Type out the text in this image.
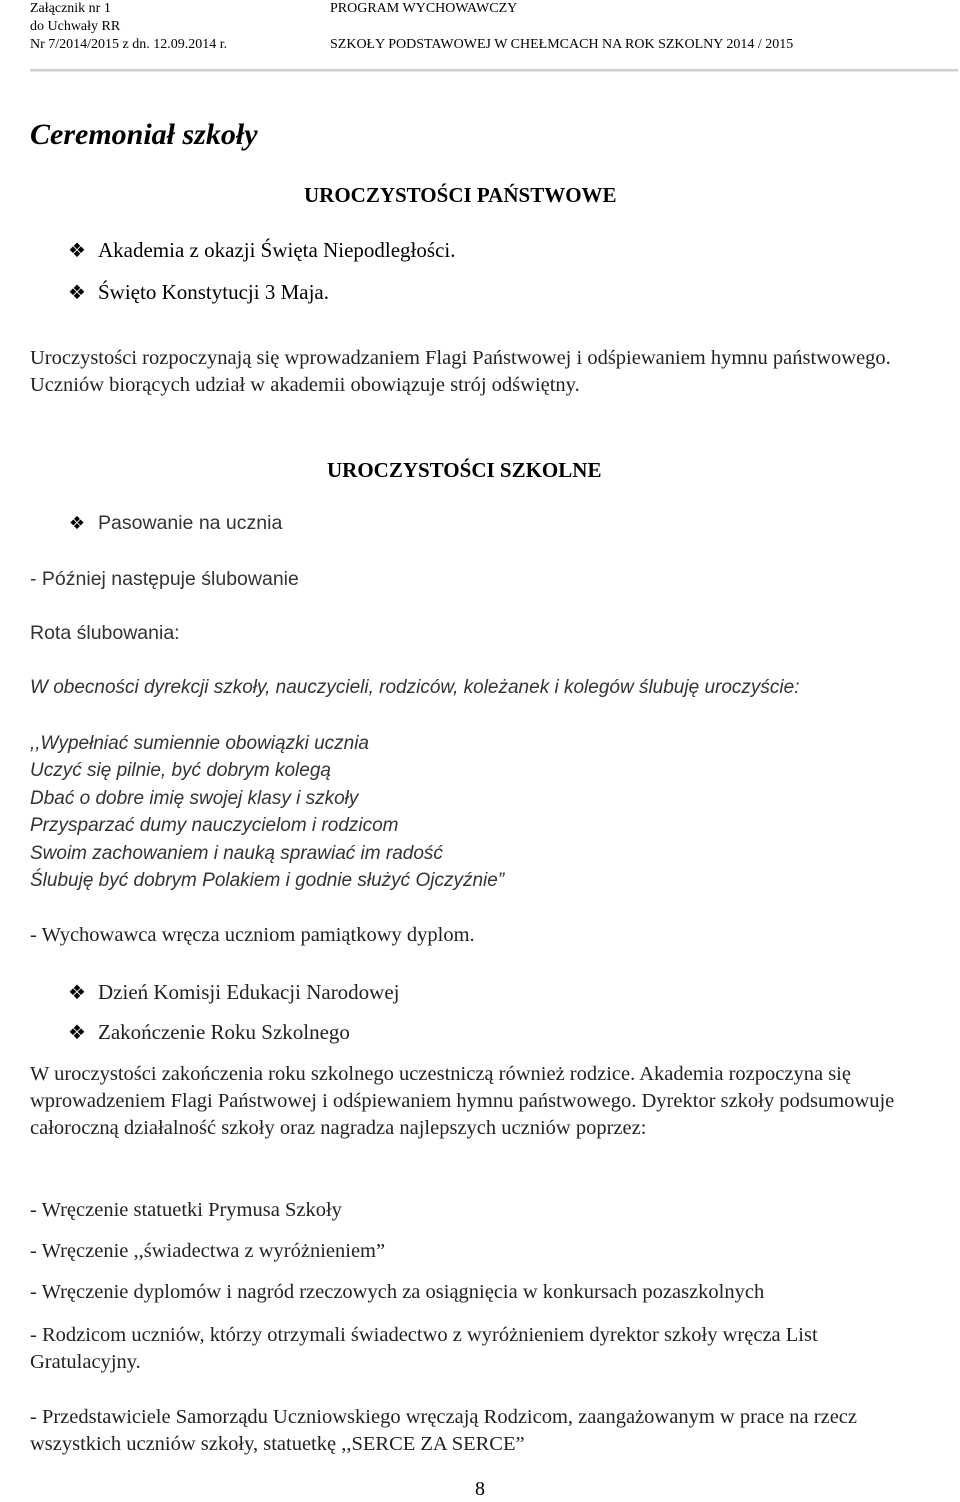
Załącznik nr 1
do Uchwały RR
Nr 7/2014/2015 z dn. 12.09.2014 r.
PROGRAM WYCHOWAWCZY
SZKOŁY PODSTAWOWEJ W CHEŁMCACH NA ROK SZKOLNY 2014 / 2015
Ceremoniał szkoły
UROCZYSTOŚCI PAŃSTWOWE
❖ Akademia z okazji Święta Niepodległości.
❖ Święto Konstytucji 3 Maja.
Uroczystości rozpoczynają się wprowadzaniem Flagi Państwowej i odśpiewaniem hymnu państwowego. Uczniów biorących udział w akademii obowiązuje strój odświętny.
UROCZYSTOŚCI SZKOLNE
❖ Pasowanie na ucznia
- Później następuje ślubowanie
Rota ślubowania:
W obecności dyrekcji szkoły, nauczycieli, rodziców, koleżanek i kolegów ślubuję uroczyście:
,,Wypełniać sumiennie obowiązki ucznia
Uczyć się pilnie, być dobrym kolegą
Dbać o dobre imię swojej klasy i szkoły
Przysparzać dumy nauczycielom i rodzicom
Swoim zachowaniem i nauką sprawiać im radość
Ślubuję być dobrym Polakiem i godnie służyć Ojczyźnie”
- Wychowawca wręcza uczniom pamiątkowy dyplom.
❖ Dzień Komisji Edukacji Narodowej
❖ Zakończenie Roku Szkolnego
W uroczystości zakończenia roku szkolnego uczestniczą również rodzice. Akademia rozpoczyna się wprowadzeniem Flagi Państwowej i odśpiewaniem hymnu państwowego. Dyrektor szkoły podsumowuje całoroczną działalność szkoły oraz nagradza najlepszych uczniów poprzez:
- Wręczenie statuetki Prymusa Szkoły
- Wręczenie ,,świadectwa z wyróżnieniem”
- Wręczenie dyplomów i nagród rzeczowych za osiągnięcia w konkursach pozaszkolnych
- Rodzicom uczniów, którzy otrzymali świadectwo z wyróżnieniem dyrektor szkoły wręcza List Gratulacyjny.
- Przedstawiciele Samorządu Uczniowskiego wręczają Rodzicom, zaangażowanym w prace na rzecz wszystkich uczniów szkoły, statuetkę ,,SERCE ZA SERCE”
8
